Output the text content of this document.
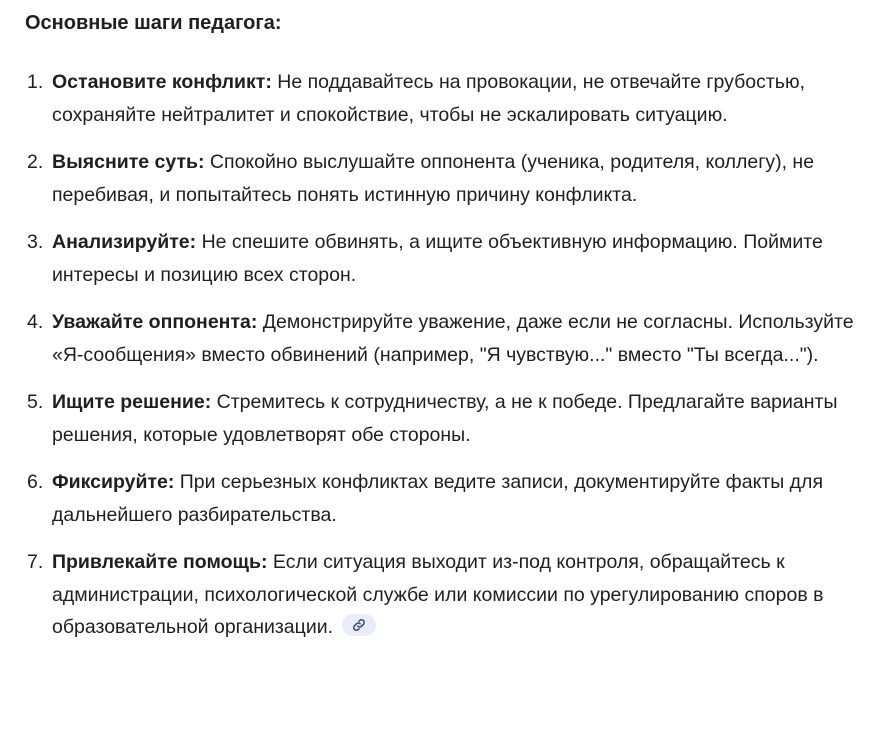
Основные шаги педагога:
1. Остановите конфликт: Не поддавайтесь на провокации, не отвечайте грубостью, сохраняйте нейтралитет и спокойствие, чтобы не эскалировать ситуацию.
2. Выясните суть: Спокойно выслушайте оппонента (ученика, родителя, коллегу), не перебивая, и попытайтесь понять истинную причину конфликта.
3. Анализируйте: Не спешите обвинять, а ищите объективную информацию. Поймите интересы и позицию всех сторон.
4. Уважайте оппонента: Демонстрируйте уважение, даже если не согласны. Используйте «Я-сообщения» вместо обвинений (например, "Я чувствую..." вместо "Ты всегда...").
5. Ищите решение: Стремитесь к сотрудничеству, а не к победе. Предлагайте варианты решения, которые удовлетворят обе стороны.
6. Фиксируйте: При серьезных конфликтах ведите записи, документируйте факты для дальнейшего разбирательства.
7. Привлекайте помощь: Если ситуация выходит из-под контроля, обращайтесь к администрации, психологической службе или комиссии по урегулированию споров в образовательной организации.
